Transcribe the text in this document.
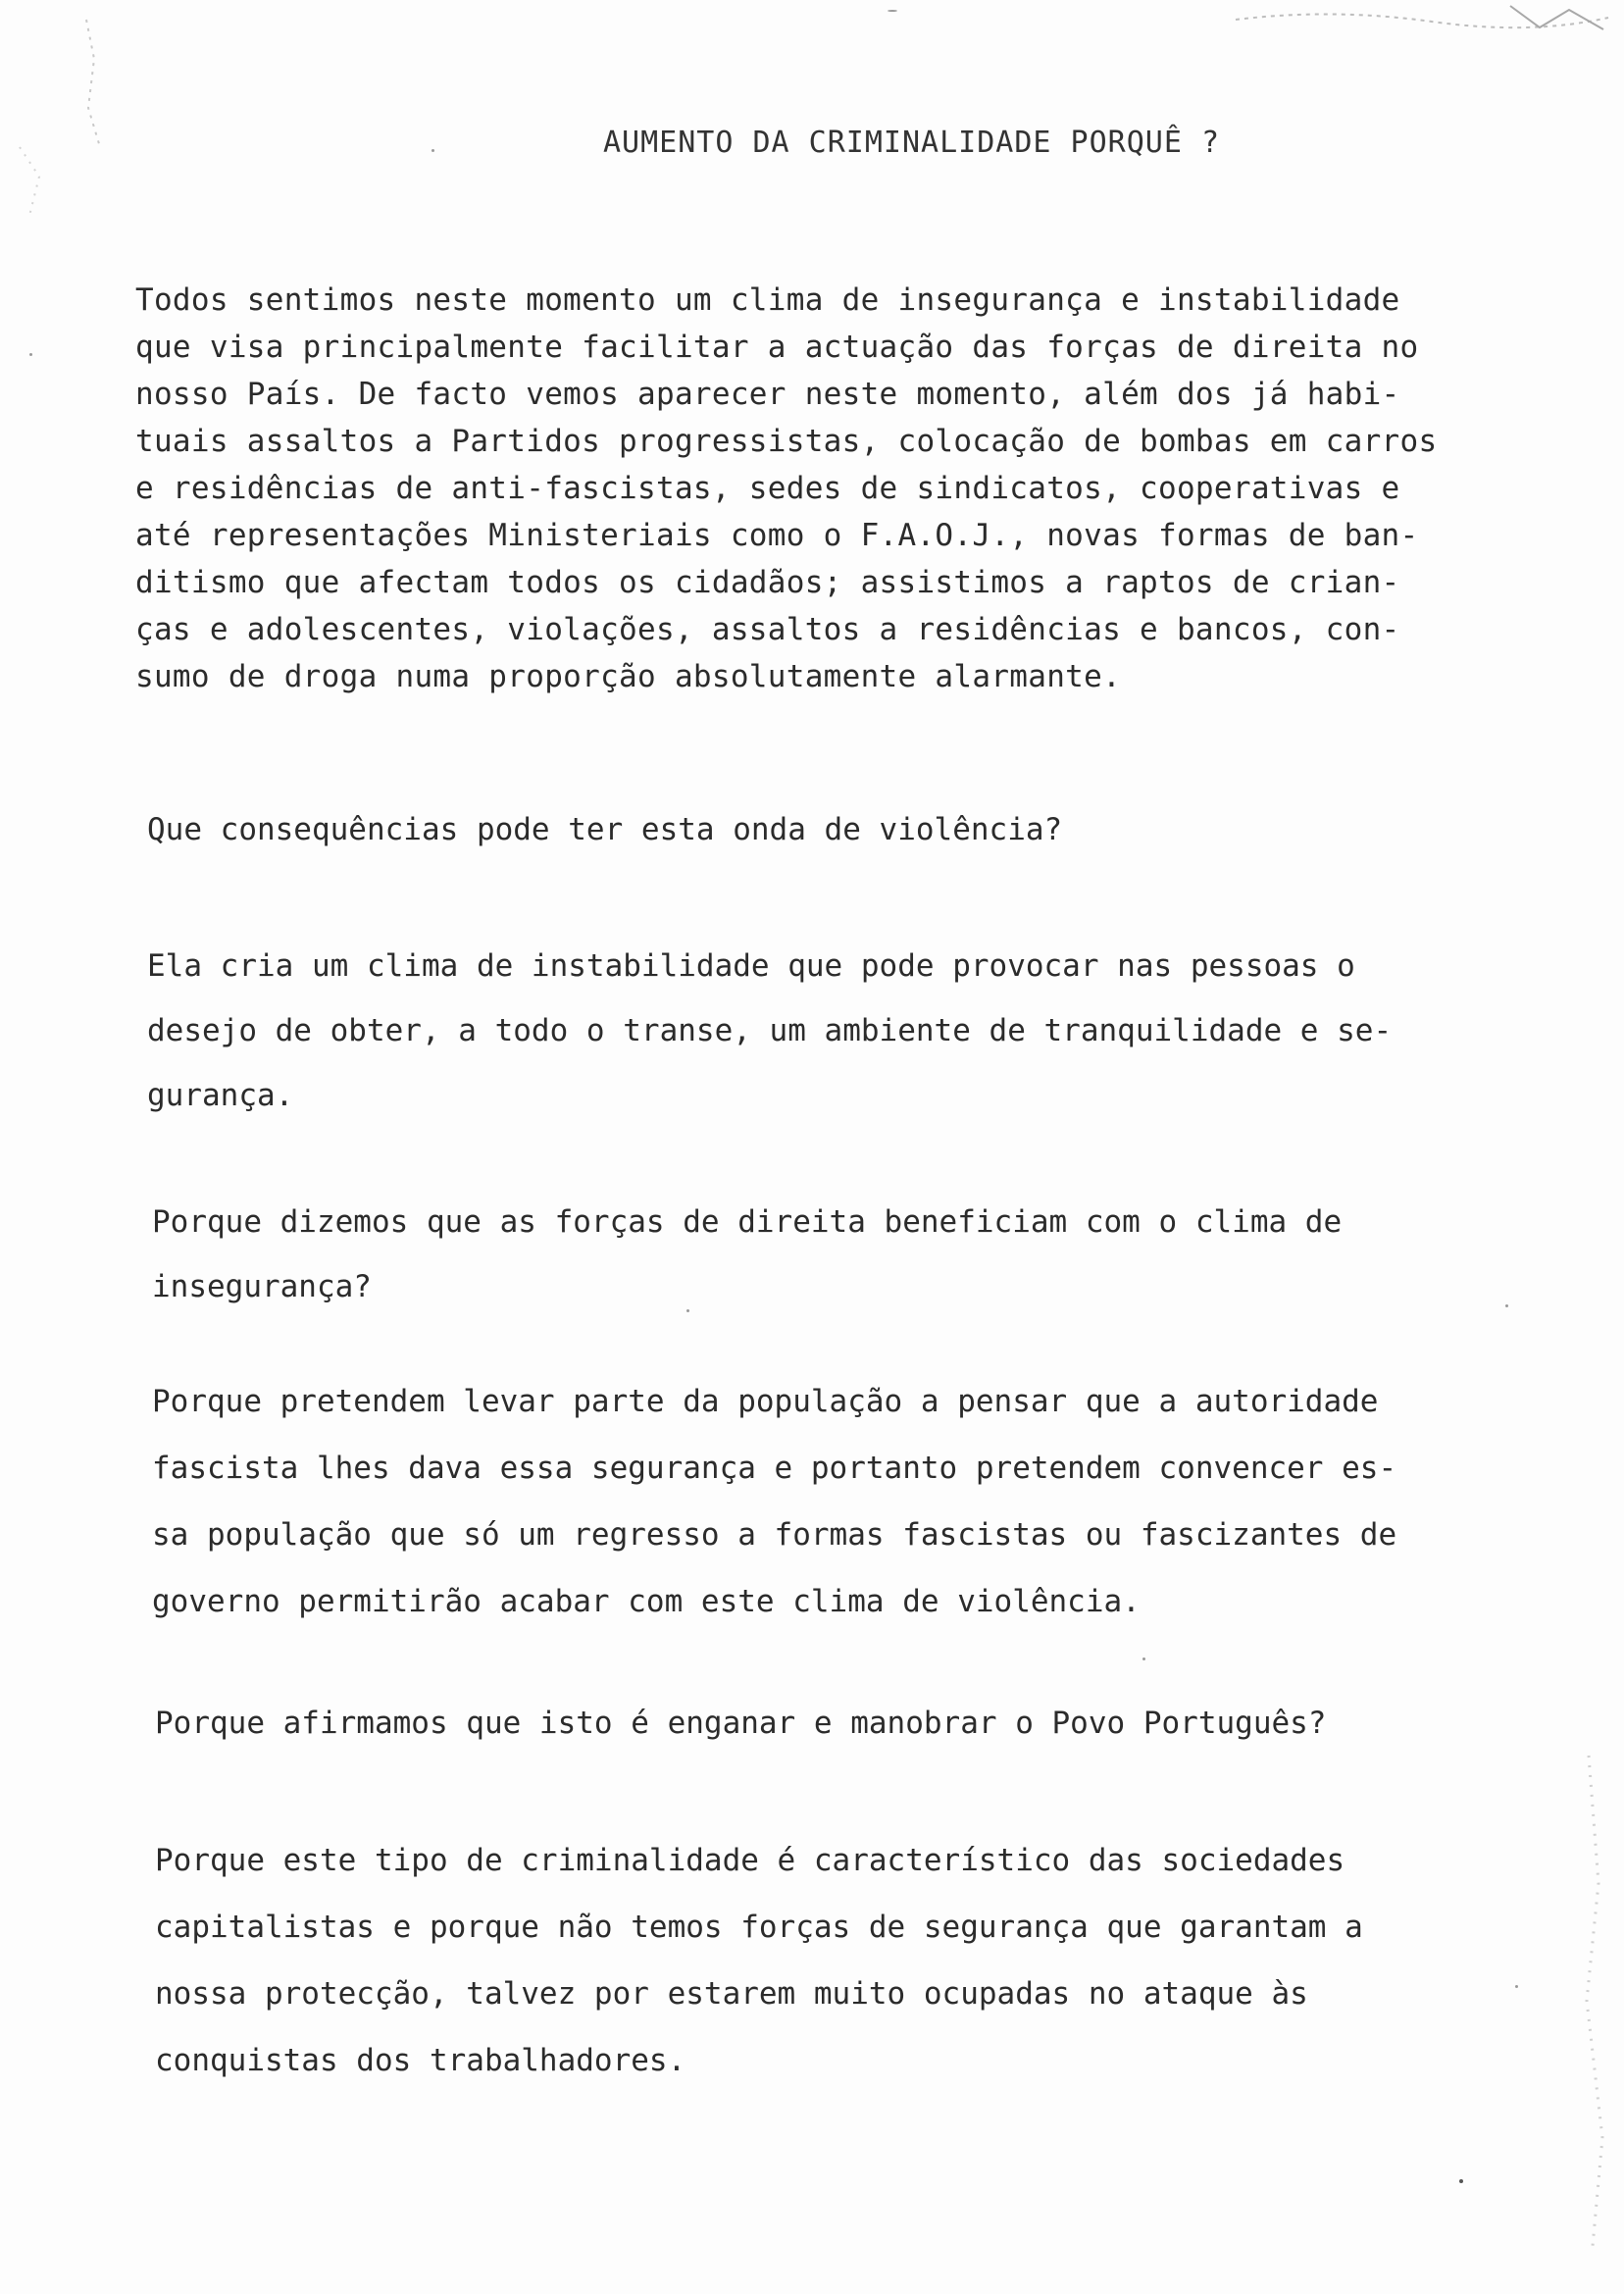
AUMENTO DA CRIMINALIDADE PORQUÊ ?

Todos sentimos neste momento um clima de insegurança e instabilidade
que visa principalmente facilitar a actuação das forças de direita no
nosso País. De facto vemos aparecer neste momento, além dos já habi-
tuais assaltos a Partidos progressistas, colocação de bombas em carros
e residências de anti-fascistas, sedes de sindicatos, cooperativas e
até representações Ministeriais como o F.A.O.J., novas formas de ban-
ditismo que afectam todos os cidadãos; assistimos a raptos de crian-
ças e adolescentes, violações, assaltos a residências e bancos, con-
sumo de droga numa proporção absolutamente alarmante.

Que consequências pode ter esta onda de violência?

Ela cria um clima de instabilidade que pode provocar nas pessoas o
desejo de obter, a todo o transe, um ambiente de tranquilidade e se-
gurança.

Porque dizemos que as forças de direita beneficiam com o clima de
insegurança?

Porque pretendem levar parte da população a pensar que a autoridade
fascista lhes dava essa segurança e portanto pretendem convencer es-
sa população que só um regresso a formas fascistas ou fascizantes de
governo permitirão acabar com este clima de violência.

Porque afirmamos que isto é enganar e manobrar o Povo Português?

Porque este tipo de criminalidade é característico das sociedades
capitalistas e porque não temos forças de segurança que garantam a
nossa protecção, talvez por estarem muito ocupadas no ataque às
conquistas dos trabalhadores.
